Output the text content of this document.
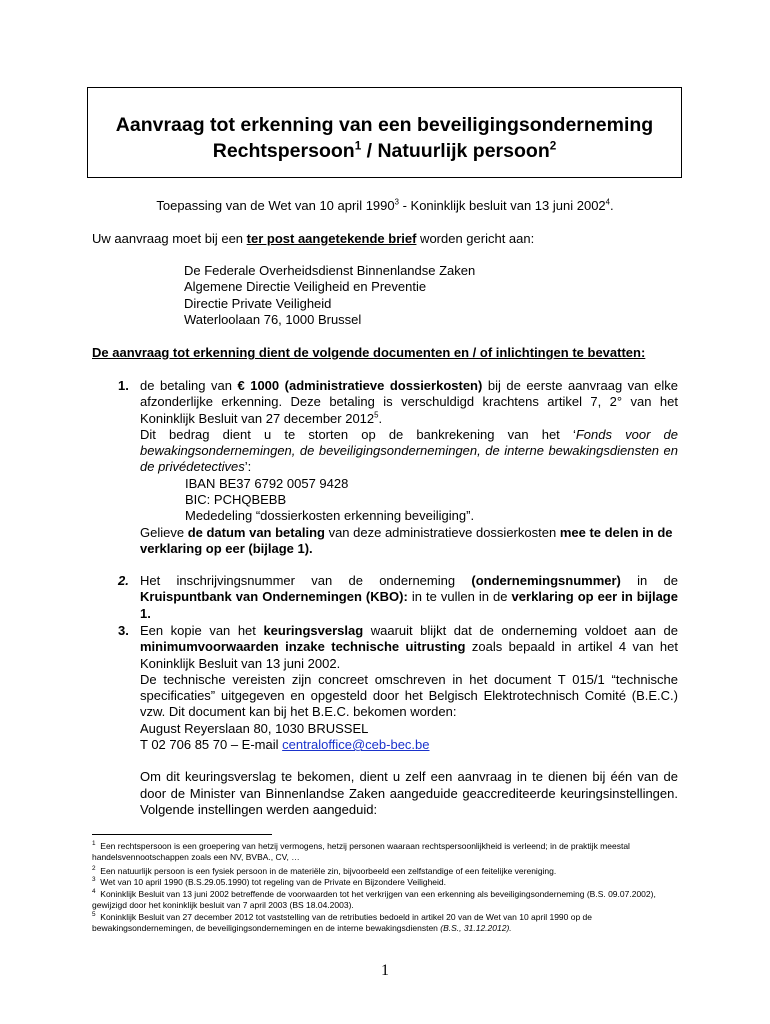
Aanvraag tot erkenning van een beveiligingsonderneming
Rechtspersoon$^1$ / Natuurlijk persoon$^2$

Toepassing van de Wet van 10 april 1990$^3$ - Koninklijk besluit van 13 juni 2002$^4$.

Uw aanvraag moet bij een ter post aangetekende brief worden gericht aan:

De Federale Overheidsdienst Binnenlandse Zaken
Algemene Directie Veiligheid en Preventie
Directie Private Veiligheid
Waterloolaan 76, 1000 Brussel

De aanvraag tot erkenning dient de volgende documenten en / of inlichtingen te bevatten:

1. de betaling van € 1000 (administratieve dossierkosten) bij de eerste aanvraag van elke afzonderlijke erkenning. Deze betaling is verschuldigd krachtens artikel 7, 2° van het Koninklijk Besluit van 27 december 2012$^5$.
Dit bedrag dient u te storten op de bankrekening van het ‘Fonds voor de bewakingsondernemingen, de beveiligingsondernemingen, de interne bewakingsdiensten en de privédetectives’:
IBAN BE37 6792 0057 9428
BIC: PCHQBEBB
Mededeling “dossierkosten erkenning beveiliging”.
Gelieve de datum van betaling van deze administratieve dossierkosten mee te delen in de verklaring op eer (bijlage 1).
2. Het inschrijvingsnummer van de onderneming (ondernemingsnummer) in de Kruispuntbank van Ondernemingen (KBO): in te vullen in de verklaring op eer in bijlage 1.
3. Een kopie van het keuringsverslag waaruit blijkt dat de onderneming voldoet aan de minimumvoorwaarden inzake technische uitrusting zoals bepaald in artikel 4 van het Koninklijk Besluit van 13 juni 2002.
De technische vereisten zijn concreet omschreven in het document T 015/1 “technische specificaties” uitgegeven en opgesteld door het Belgisch Elektrotechnisch Comité (B.E.C.) vzw. Dit document kan bij het B.E.C. bekomen worden:
August Reyerslaan 80, 1030 BRUSSEL
T 02 706 85 70 – E-mail centraloffice@ceb-bec.be
Om dit keuringsverslag te bekomen, dient u zelf een aanvraag in te dienen bij één van de door de Minister van Binnenlandse Zaken aangeduide geaccrediteerde keuringsinstellingen. Volgende instellingen werden aangeduid:
$^1$ Een rechtspersoon is een groepering van hetzij vermogens, hetzij personen waaraan rechtspersoonlijkheid is verleend; in de praktijk meestal handelsvennootschappen zoals een NV, BVBA., CV, …
$^2$ Een natuurlijk persoon is een fysiek persoon in de materiële zin, bijvoorbeeld een zelfstandige of een feitelijke vereniging.
$^3$ Wet van 10 april 1990 (B.S.29.05.1990) tot regeling van de Private en Bijzondere Veiligheid.
$^4$ Koninklijk Besluit van 13 juni 2002 betreffende de voorwaarden tot het verkrijgen van een erkenning als beveiligingsonderneming (B.S. 09.07.2002), gewijzigd door het koninklijk besluit van 7 april 2003 (BS 18.04.2003).
$^5$ Koninklijk Besluit van 27 december 2012 tot vaststelling van de retributies bedoeld in artikel 20 van de Wet van 10 april 1990 op de bewakingsondernemingen, de beveiligingsondernemingen en de interne bewakingsdiensten (B.S., 31.12.2012).
1
